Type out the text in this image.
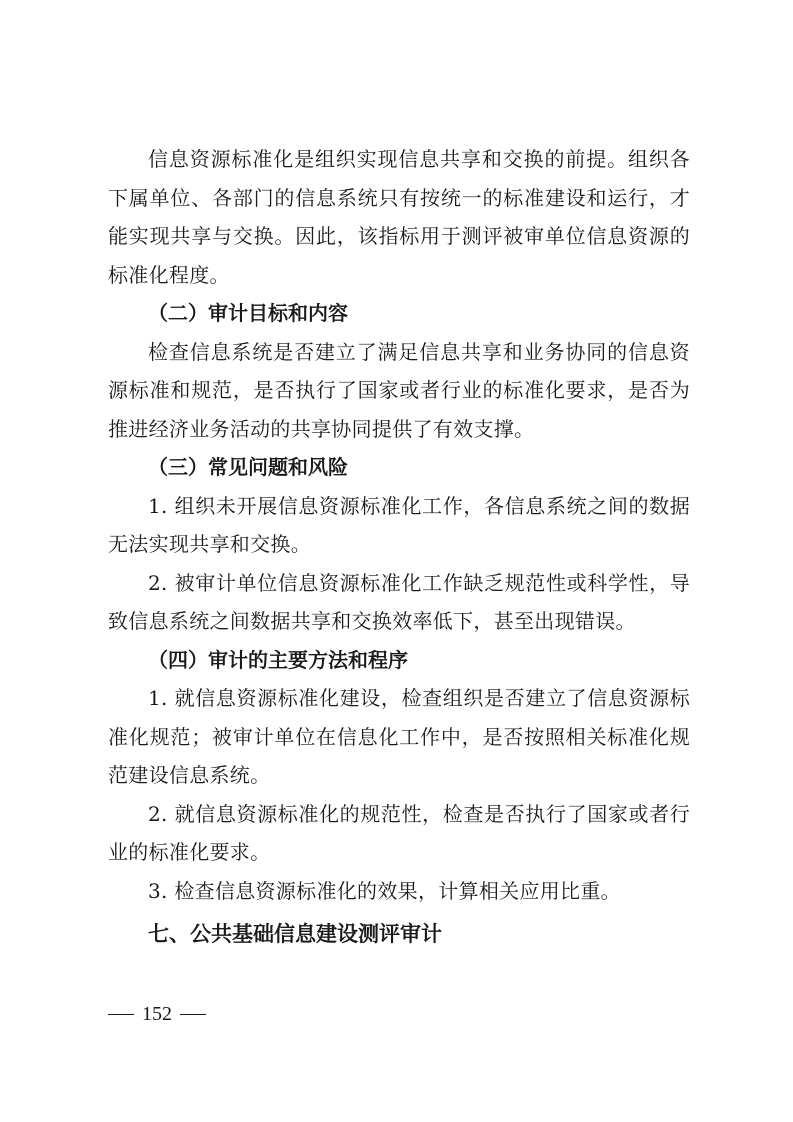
信息资源标准化是组织实现信息共享和交换的前提。组织各下属单位、各部门的信息系统只有按统一的标准建设和运行，才能实现共享与交换。因此，该指标用于测评被审单位信息资源的标准化程度。

（二）审计目标和内容

检查信息系统是否建立了满足信息共享和业务协同的信息资源标准和规范，是否执行了国家或者行业的标准化要求，是否为推进经济业务活动的共享协同提供了有效支撑。

（三）常见问题和风险

1. 组织未开展信息资源标准化工作，各信息系统之间的数据无法实现共享和交换。

2. 被审计单位信息资源标准化工作缺乏规范性或科学性，导致信息系统之间数据共享和交换效率低下，甚至出现错误。

（四）审计的主要方法和程序

1. 就信息资源标准化建设，检查组织是否建立了信息资源标准化规范；被审计单位在信息化工作中，是否按照相关标准化规范建设信息系统。

2. 就信息资源标准化的规范性，检查是否执行了国家或者行业的标准化要求。

3. 检查信息资源标准化的效果，计算相关应用比重。

七、公共基础信息建设测评审计
152
